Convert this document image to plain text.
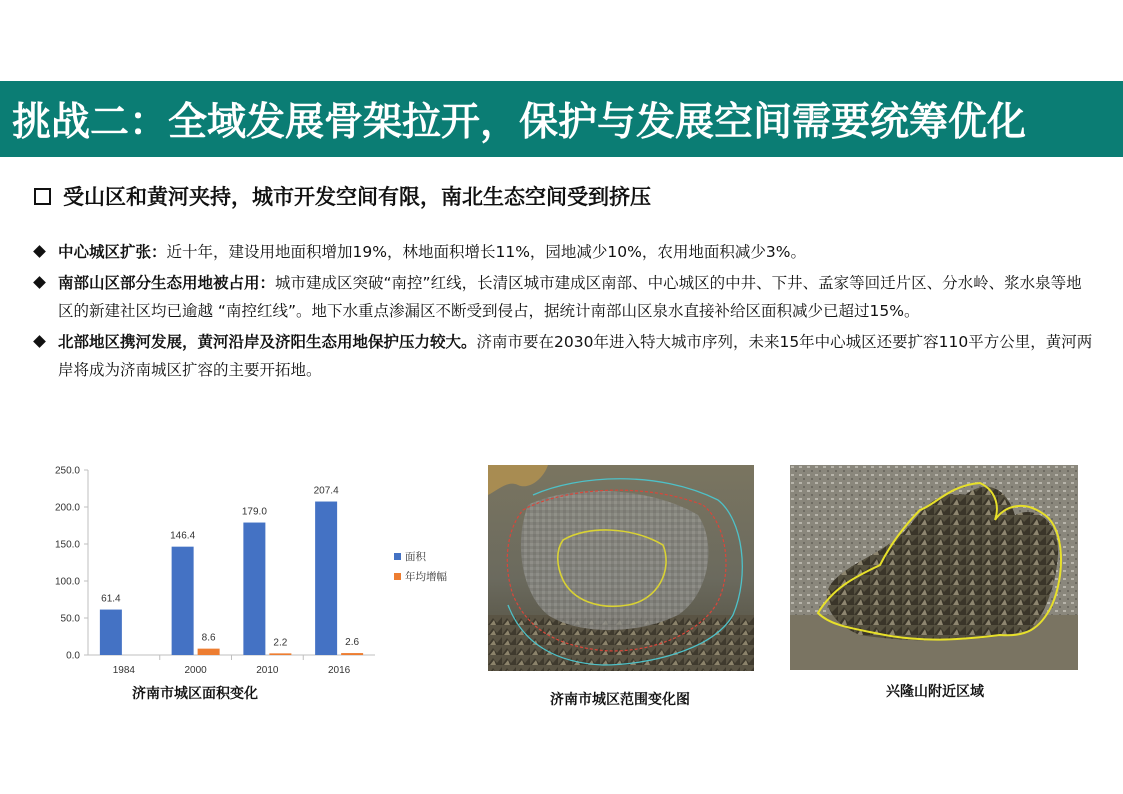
挑战二：全域发展骨架拉开，保护与发展空间需要统筹优化
受山区和黄河夹持，城市开发空间有限，南北生态空间受到挤压
中心城区扩张：近十年，建设用地面积增加19%，林地面积增长11%，园地减少10%，农用地面积减少3%。
南部山区部分生态用地被占用：城市建成区突破“南控”红线，长清区城市建成区南部、中心城区的中井、下井、孟家等回迁片区、分水岭、浆水泉等地区的新建社区均已逾越 “南控红线”。地下水重点渗漏区不断受到侵占，据统计南部山区泉水直接补给区面积减少已超过15%。
北部地区携河发展，黄河沿岸及济阳生态用地保护压力较大。济南市要在2030年进入特大城市序列，未来15年中心城区还要扩容110平方公里，黄河两岸将成为济南城区扩容的主要开拓地。
0.0
50.0
100.0
150.0
200.0
250.0
1984
61.4
2000
146.4
8.6
2010
179.0
2.2
2016
207.4
2.6
面积
年均增幅
济南市城区面积变化	济南市城区范围变化图	兴隆山附近区域
